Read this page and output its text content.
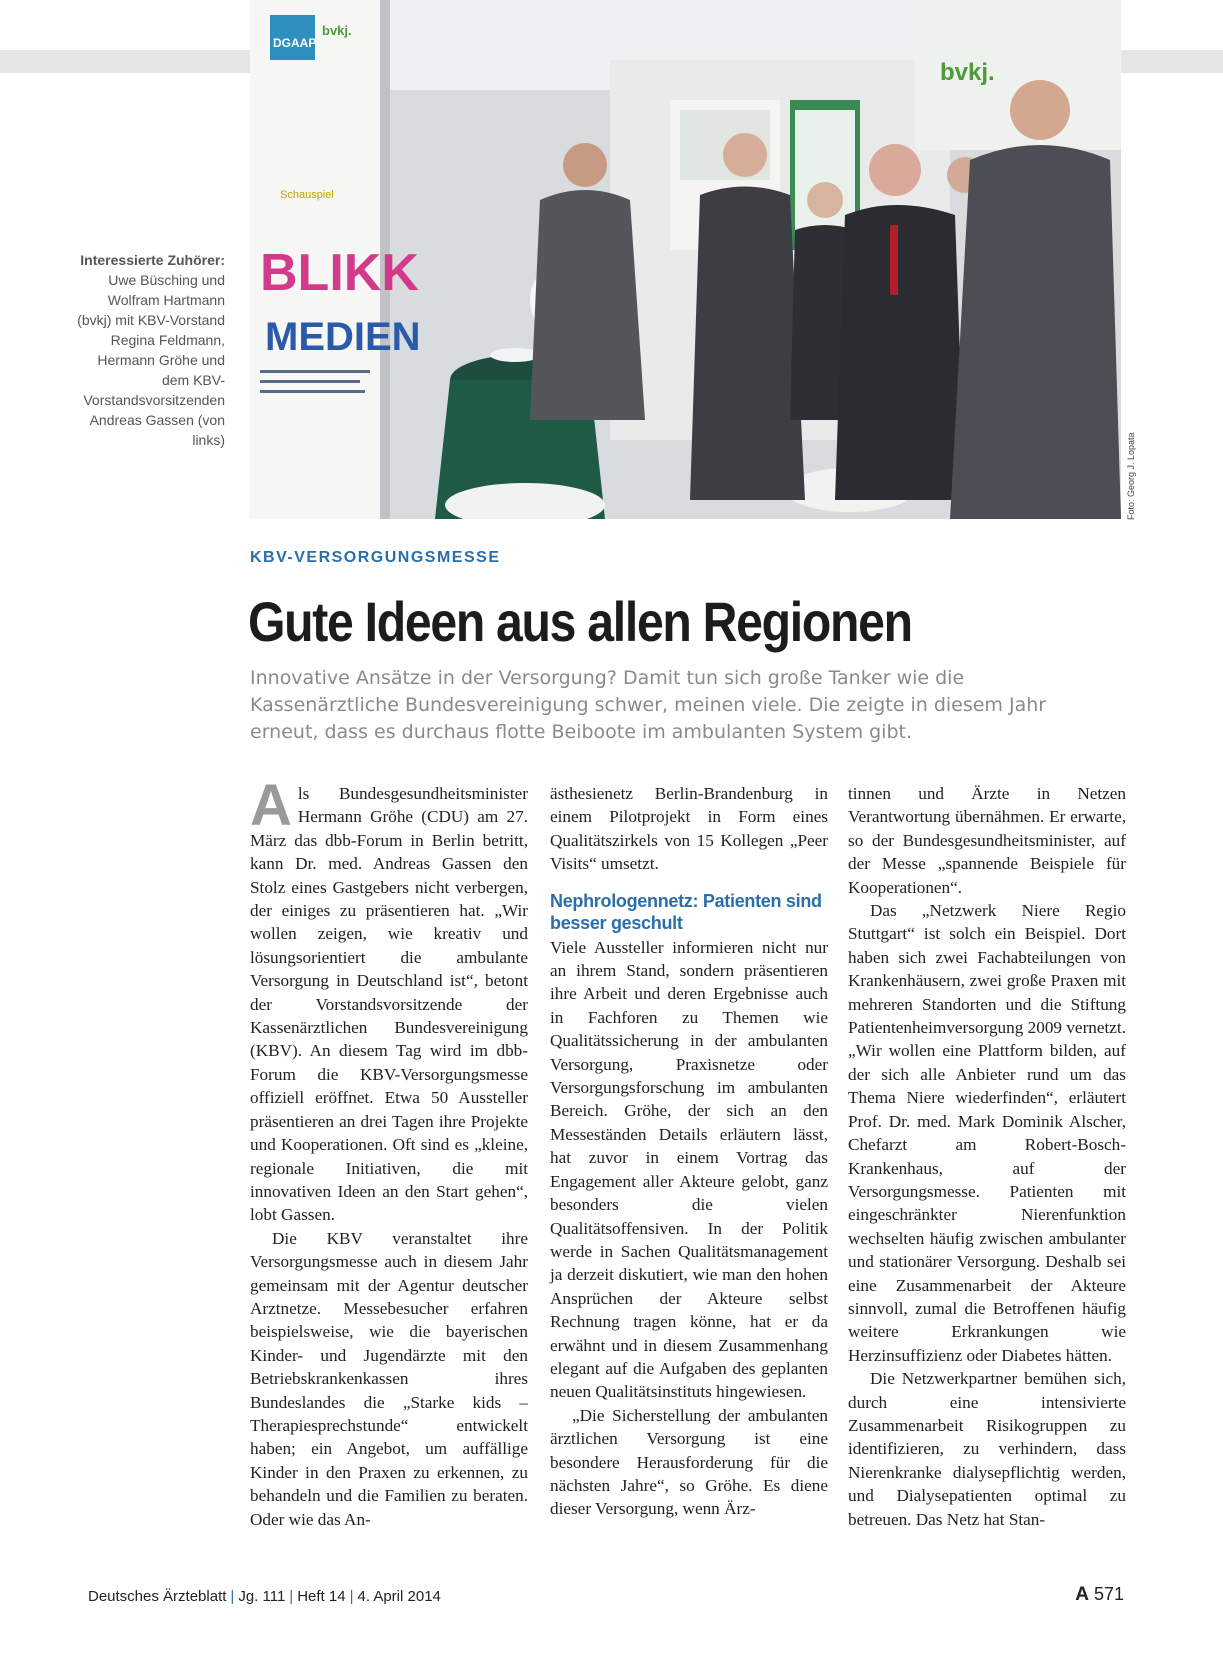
bvkj.
DGAAP
bvkj.
Schauspiel
BLIKK
MEDIEN
Foto: Georg J. Lopata
Interessierte Zuhörer:
Uwe Büsching und Wolfram Hartmann (bvkj) mit KBV-Vorstand Regina Feldmann, Hermann Gröhe und dem KBV-Vorstandsvorsitzenden Andreas Gassen (von links)
KBV-VERSORGUNGSMESSE
Gute Ideen aus allen Regionen

Innovative Ansätze in der Versorgung? Damit tun sich große Tanker wie die Kassenärztliche Bundesvereinigung schwer, meinen viele. Die zeigte in diesem Jahr erneut, dass es durchaus flotte Beiboote im ambulanten System gibt.

Als Bundesgesundheitsminister Hermann Gröhe (CDU) am 27. März das dbb-Forum in Berlin betritt, kann Dr. med. Andreas Gassen den Stolz eines Gastgebers nicht verbergen, der einiges zu präsentieren hat. „Wir wollen zeigen, wie kreativ und lösungsorientiert die ambulante Versorgung in Deutschland ist“, betont der Vorstandsvorsitzende der Kassenärztlichen Bundesvereinigung (KBV). An diesem Tag wird im dbb-Forum die KBV-Versorgungsmesse offiziell eröffnet. Etwa 50 Aussteller präsentieren an drei Tagen ihre Projekte und Kooperationen. Oft sind es „kleine, regionale Initiativen, die mit innovativen Ideen an den Start gehen“, lobt Gassen.

Die KBV veranstaltet ihre Versorgungsmesse auch in diesem Jahr gemeinsam mit der Agentur deutscher Arztnetze. Messebesucher erfahren beispielsweise, wie die bayerischen Kinder- und Jugendärzte mit den Betriebskrankenkassen ihres Bundeslandes die „Starke kids – Therapiesprechstunde“ entwickelt haben; ein Angebot, um auffällige Kinder in den Praxen zu erkennen, zu behandeln und die Familien zu beraten. Oder wie das An-

ästhesienetz Berlin-Brandenburg in einem Pilotprojekt in Form eines Qualitätszirkels von 15 Kollegen „Peer Visits“ umsetzt.

Nephrologennetz: Patienten sind besser geschult

Viele Aussteller informieren nicht nur an ihrem Stand, sondern präsentieren ihre Arbeit und deren Ergebnisse auch in Fachforen zu Themen wie Qualitätssicherung in der ambulanten Versorgung, Praxisnetze oder Versorgungsforschung im ambulanten Bereich. Gröhe, der sich an den Messeständen Details erläutern lässt, hat zuvor in einem Vortrag das Engagement aller Akteure gelobt, ganz besonders die vielen Qualitätsoffensiven. In der Politik werde in Sachen Qualitätsmanagement ja derzeit diskutiert, wie man den hohen Ansprüchen der Akteure selbst Rechnung tragen könne, hat er da erwähnt und in diesem Zusammenhang elegant auf die Aufgaben des geplanten neuen Qualitätsinstituts hingewiesen.

„Die Sicherstellung der ambulanten ärztlichen Versorgung ist eine besondere Herausforderung für die nächsten Jahre“, so Gröhe. Es diene dieser Versorgung, wenn Ärz-

tinnen und Ärzte in Netzen Verantwortung übernähmen. Er erwarte, so der Bundesgesundheitsminister, auf der Messe „spannende Beispiele für Kooperationen“.

Das „Netzwerk Niere Regio Stuttgart“ ist solch ein Beispiel. Dort haben sich zwei Fachabteilungen von Krankenhäusern, zwei große Praxen mit mehreren Standorten und die Stiftung Patientenheimversorgung 2009 vernetzt. „Wir wollen eine Plattform bilden, auf der sich alle Anbieter rund um das Thema Niere wiederfinden“, erläutert Prof. Dr. med. Mark Dominik Alscher, Chefarzt am Robert-Bosch-Krankenhaus, auf der Versorgungsmesse. Patienten mit eingeschränkter Nierenfunktion wechselten häufig zwischen ambulanter und stationärer Versorgung. Deshalb sei eine Zusammenarbeit der Akteure sinnvoll, zumal die Betroffenen häufig weitere Erkrankungen wie Herzinsuffizienz oder Diabetes hätten.

Die Netzwerkpartner bemühen sich, durch eine intensivierte Zusammenarbeit Risikogruppen zu identifizieren, zu verhindern, dass Nierenkranke dialysepflichtig werden, und Dialysepatienten optimal zu betreuen. Das Netz hat Stan-

Deutsches Ärzteblatt | Jg. 111 | Heft 14 | 4. April 2014	A 571
